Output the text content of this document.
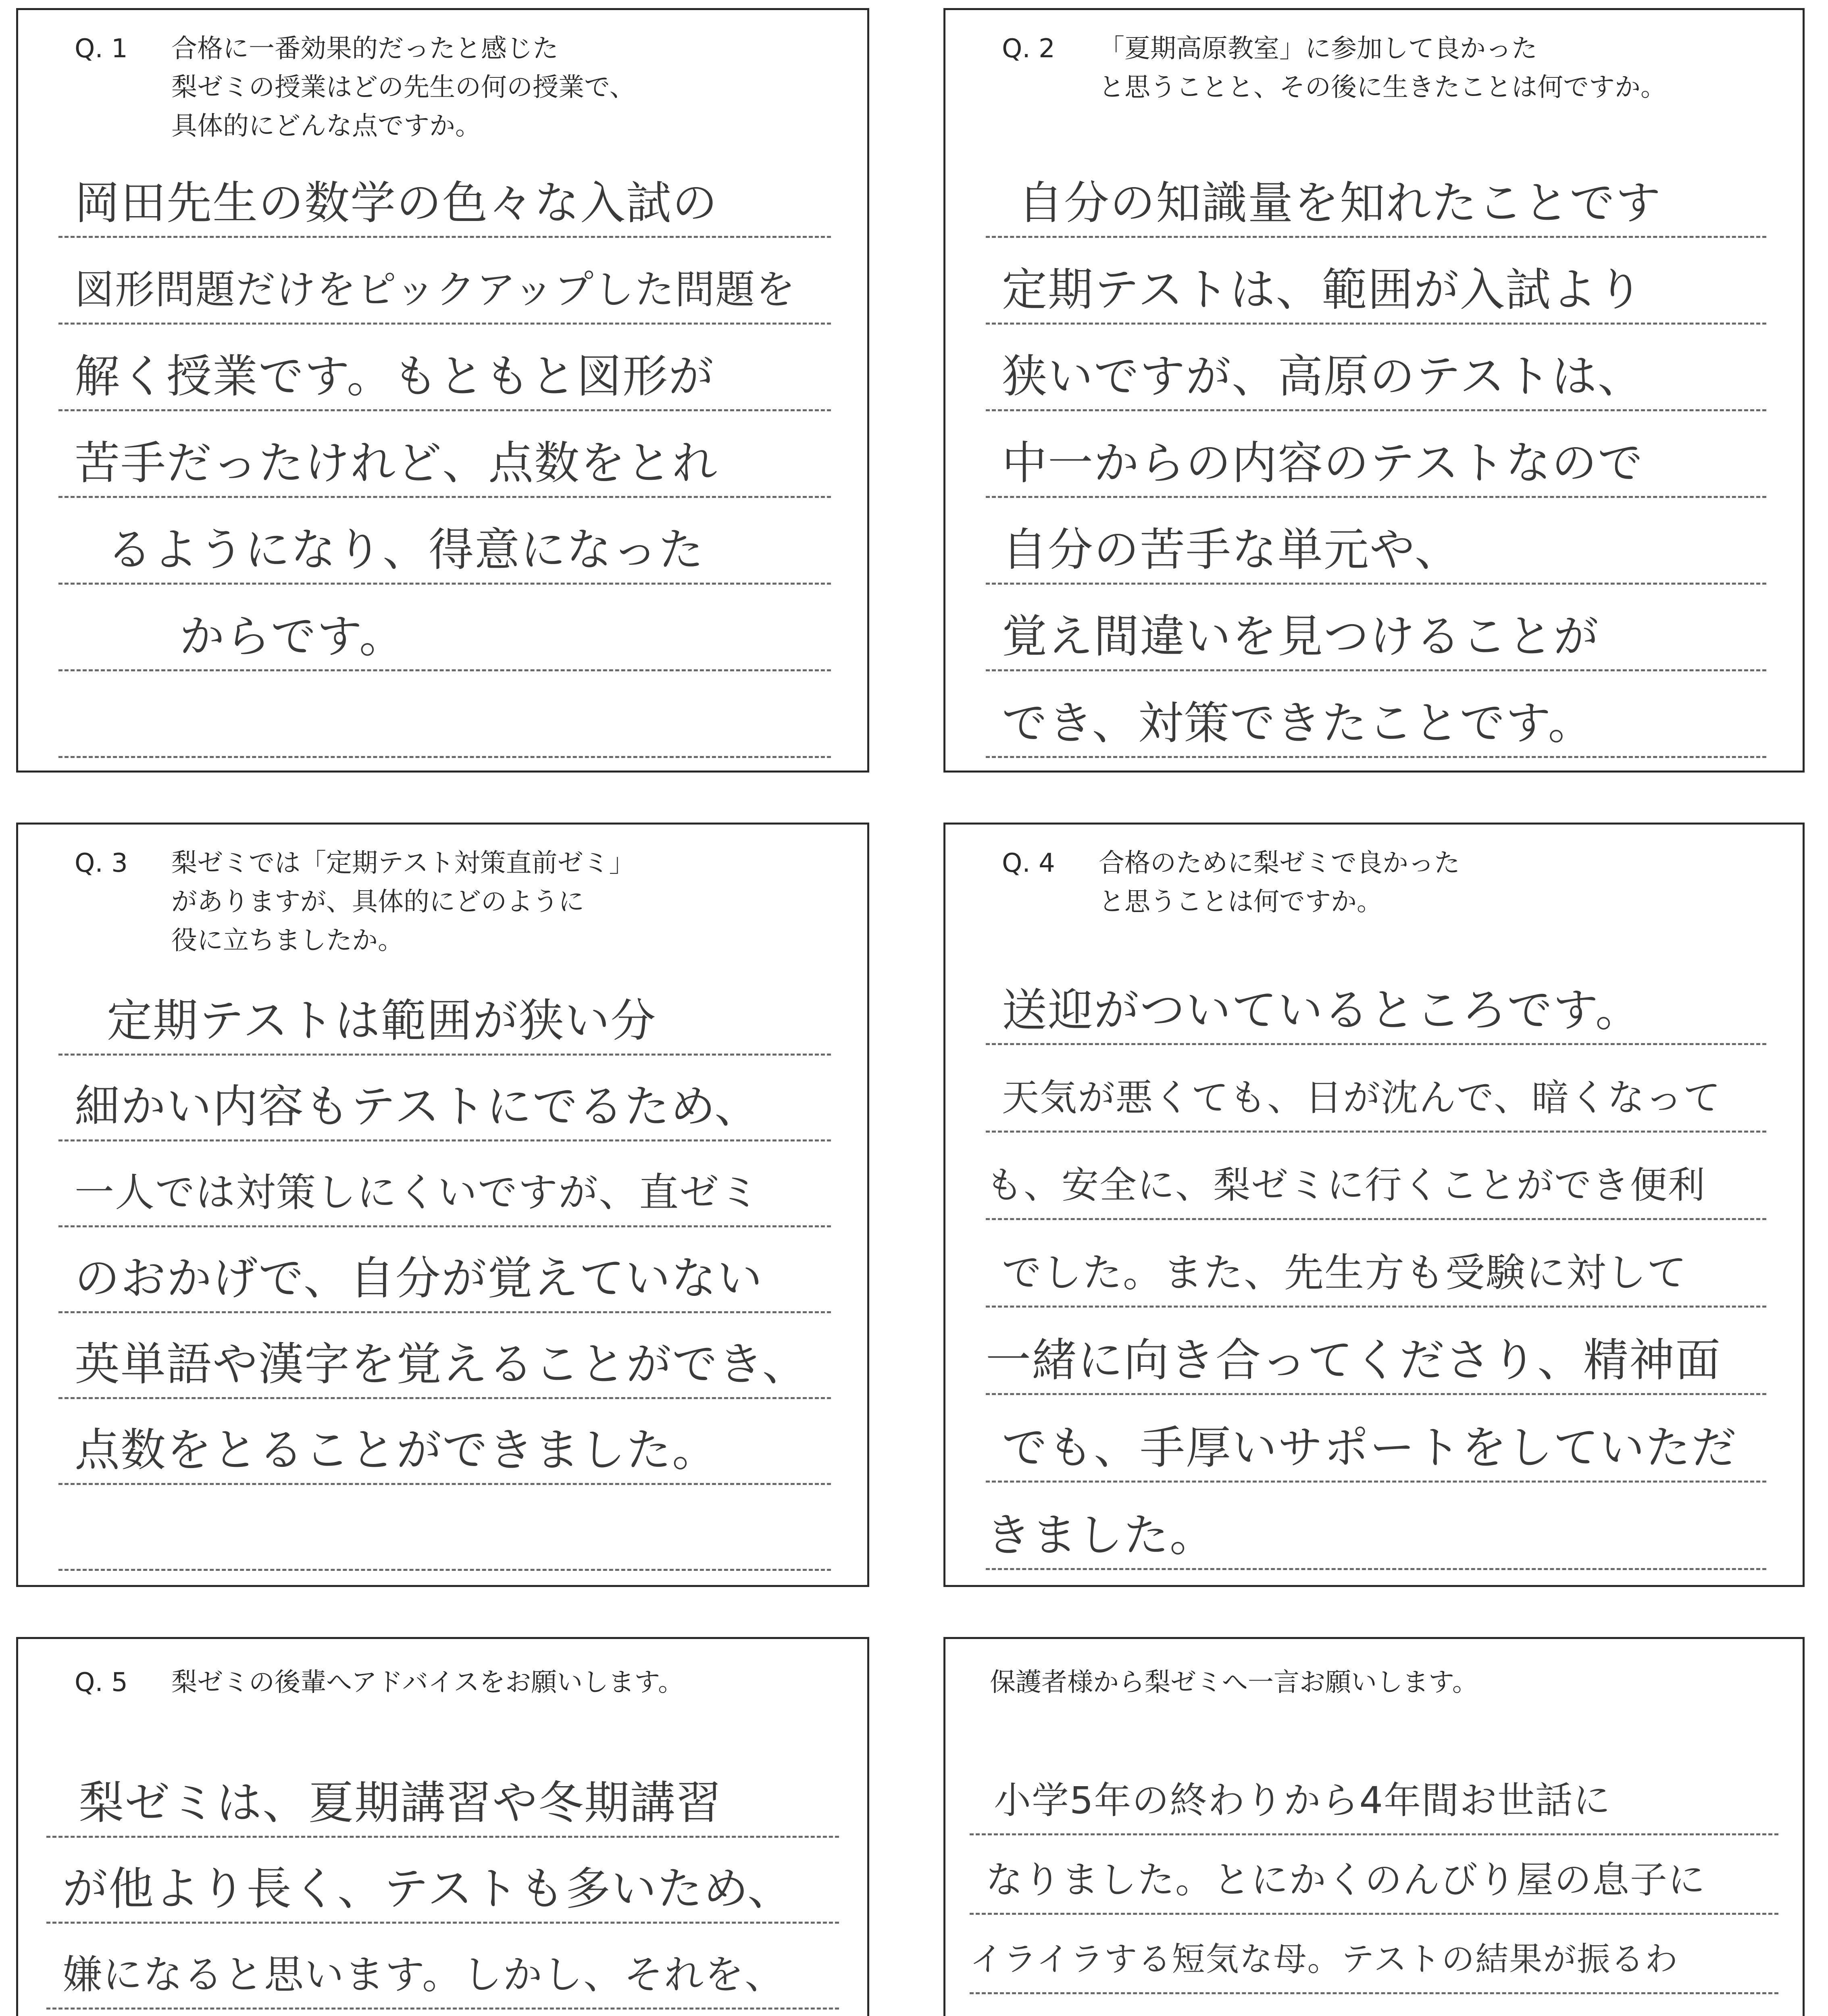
Q. 1	合格に一番効果的だったと感じた
梨ゼミの授業はどの先生の何の授業で、
具体的にどんな点ですか。
岡田先生の数学の色々な入試の
図形問題だけをピックアップした問題を
解く授業です。もともと図形が
苦手だったけれど、点数をとれ
るようになり、得意になった
からです。
Q. 2	「夏期高原教室」に参加して良かった
と思うことと、その後に生きたことは何ですか。
自分の知識量を知れたことです
定期テストは、範囲が入試より
狭いですが、高原のテストは、
中一からの内容のテストなので
自分の苦手な単元や、
覚え間違いを見つけることが
でき、対策できたことです。
Q. 3	梨ゼミでは「定期テスト対策直前ゼミ」
がありますが、具体的にどのように
役に立ちましたか。
定期テストは範囲が狭い分
細かい内容もテストにでるため、
一人では対策しにくいですが、直ゼミ
のおかげで、自分が覚えていない
英単語や漢字を覚えることができ、
点数をとることができました。
Q. 4	合格のために梨ゼミで良かった
と思うことは何ですか。
送迎がついているところです。
天気が悪くても、日が沈んで、暗くなって
も、安全に、梨ゼミに行くことができ便利
でした。また、先生方も受験に対して
一緒に向き合ってくださり、精神面
でも、手厚いサポートをしていただ
きました。
Q. 5	梨ゼミの後輩へアドバイスをお願いします。
梨ゼミは、夏期講習や冬期講習
が他より長く、テストも多いため、
嫌になると思います。しかし、それを、
保護者様から梨ゼミへ一言お願いします。
小学5年の終わりから4年間お世話に
なりました。とにかくのんびり屋の息子に
イライラする短気な母。テストの結果が振るわ
